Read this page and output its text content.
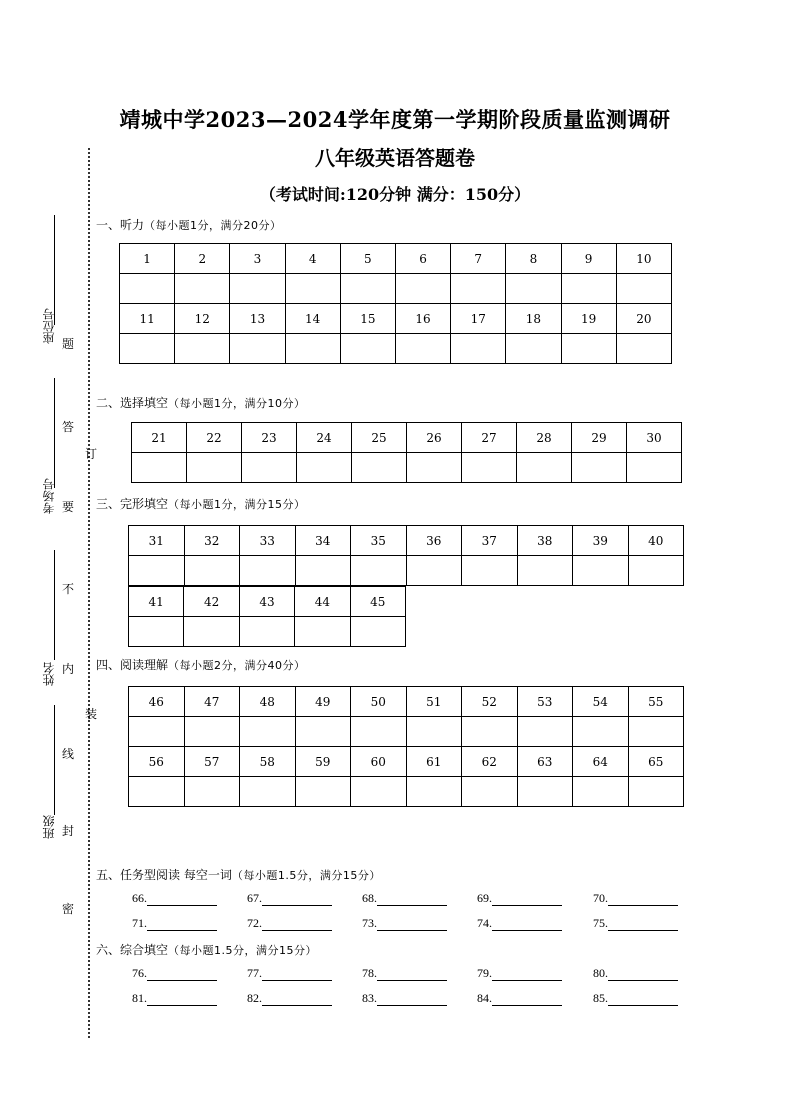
靖城中学2023—2024学年度第一学期阶段质量监测调研
八年级英语答题卷
（考试时间:120分钟 满分：150分）
座位号
考场号
姓名
班级
题
答
订
要
不
内
装
线
封
密
一、听力（每小题1分，满分20分）
1	2	3	4	5	6	7	8	9	10

11	12	13	14	15	16	17	18	19	20

二、选择填空（每小题1分，满分10分）
21	22	23	24	25	26	27	28	29	30

三、完形填空（每小题1分，满分15分）
31	32	33	34	35	36	37	38	39	40

41	42	43	44	45

四、阅读理解（每小题2分，满分40分）
46	47	48	49	50	51	52	53	54	55

56	57	58	59	60	61	62	63	64	65

五、任务型阅读 每空一词（每小题1.5分，满分15分）
66.	67.	68.	69.	70.
71.	72.	73.	74.	75.
六、综合填空（每小题1.5分，满分15分）
76.	77.	78.	79.	80.
81.	82.	83.	84.	85.
